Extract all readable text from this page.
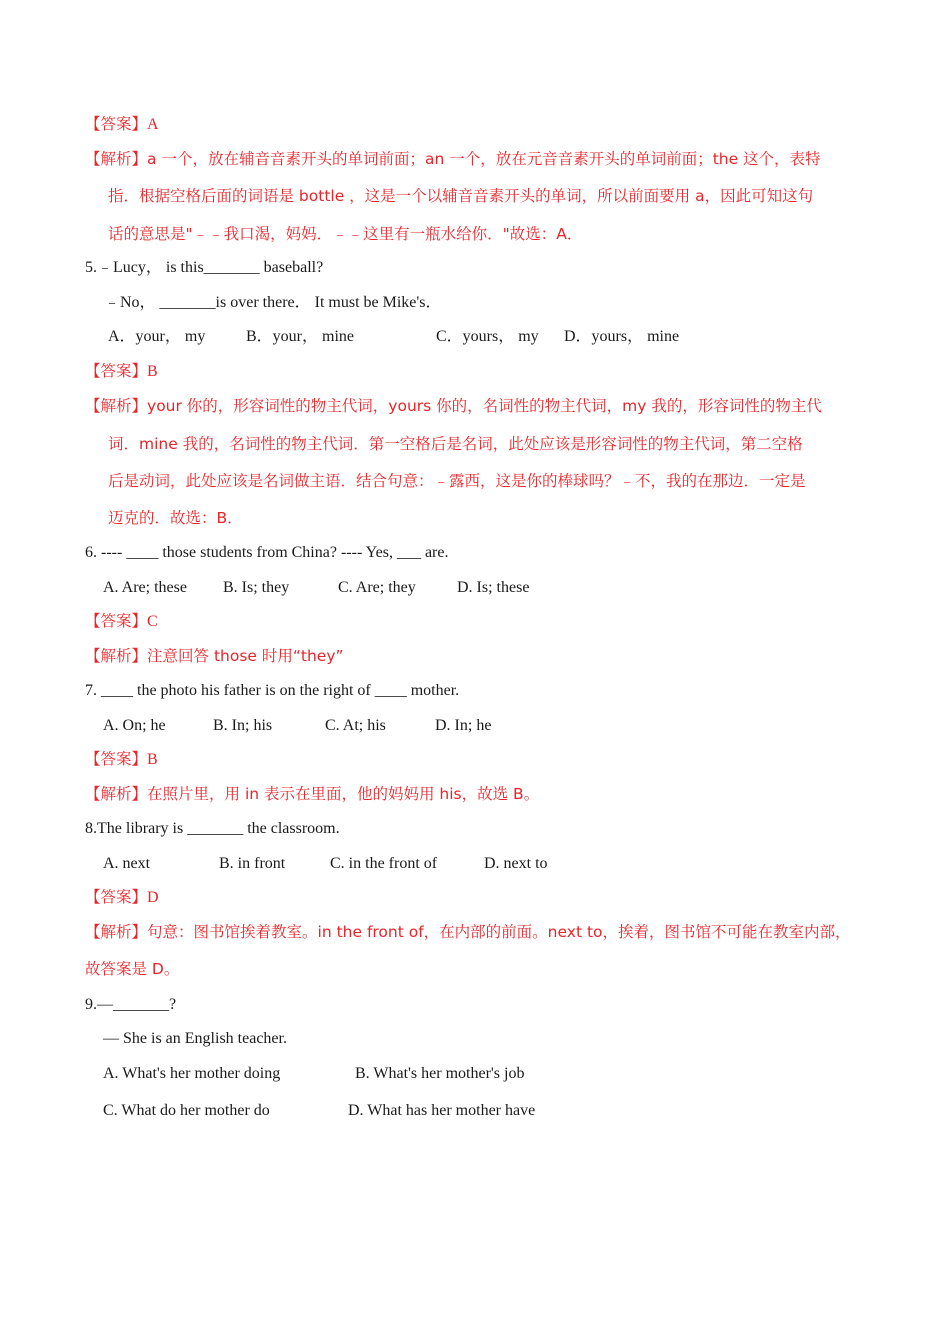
【答案】A
【解析】a 一个，放在辅音音素开头的单词前面；an 一个，放在元音音素开头的单词前面；the 这个，表特
指．根据空格后面的词语是 bottle ，这是一个以辅音音素开头的单词，所以前面要用 a，因此可知这句
话的意思是"﹣﹣我口渴，妈妈．﹣﹣这里有一瓶水给你．"故选：A．
5.﹣Lucy， is this_______ baseball?
﹣No， _______is over there． It must be Mike's．
A．your， my	B．your， mine	C．yours， my D．yours， mine
【答案】B
【解析】your 你的，形容词性的物主代词，yours 你的，名词性的物主代词，my 我的，形容词性的物主代
词．mine 我的，名词性的物主代词．第一空格后是名词，此处应该是形容词性的物主代词，第二空格
后是动词，此处应该是名词做主语．结合句意：﹣露西，这是你的棒球吗？﹣不，我的在那边．一定是
迈克的．故选：B．
6. ---- ____ those students from China? ---- Yes, ___ are.
A. Are; these B. Is; they	C. Are; they	D. Is; these
【答案】C
【解析】注意回答 those 时用“they”
7. ____ the photo his father is on the right of ____ mother.
A. On; he	B. In; his	C. At; his	D. In; he
【答案】B
【解析】在照片里，用 in 表示在里面，他的妈妈用 his，故选 B。
8.The library is _______ the classroom.
A. next	B. in front	C. in the front of	D. next to
【答案】D
【解析】句意：图书馆挨着教室。in the front of，在内部的前面。next to，挨着，图书馆不可能在教室内部，
故答案是 D。
9.—_______?
— She is an English teacher.
A. What's her mother doing	B. What's her mother's job
C. What do her mother do	D. What has her mother have
